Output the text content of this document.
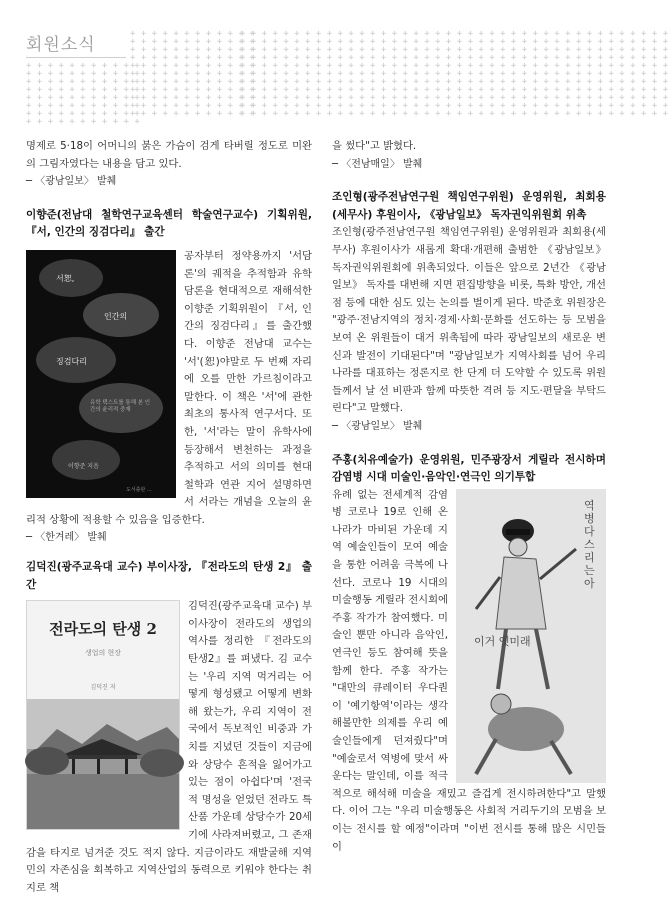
회원소식
+ + + + + + + + + + + +
+ + + + + + + + + + + +
+ + + + + + + + + + + +
+ + + + + + + + + + + +
+ + + + + + + + + + + +
+ + + + + + + + + + + +
+ + + + + + + + + + + +
+ + + + + + + + + + + +
+ + + + + + + + + + + +
+ + + + + + + + + + + +
+ + + + + + + + + + + +

+ + + + + + + + + + + + + + + + + + + + + + + + + + + + + + + + + + + + + + + +
+ + + + + + + + + + + + + + + + + + + + + + + + + + + + + + + + + + + + + + + +
+ + + + + + + + + + + + + + + + + + + + + + + + + + + + + + + + + + + + + + + +
+ + + + + + + + + + + + + + + + + + + + + + + + + + + + + + + + + + + + + + + +
+ + + + + + + + + + + + + + + + + + + + + + + + + + + + + + + + + + + + + + + +
+ + + + + + + + + + + + + + + + + + + + + + + + + + + + + + + + + + + + + + + +
+ + + + + + + + + + + + + + + + + + + + + + + + + + + + + + + + + + + + + + + +
+ + + + + + + + + + + + + + + + + + + + + + + + + + + + + + + + + + + + + + + +
+ + + + + + + + + + + + + + + + + + + + + + + + + + + + + + + + + + + + + + + +
+ + + + + + + + + + + + + + + + + + + + + + + + + + + + + + + + + + + + + + + +
+ + + + + + + + + + + + + + + + + + + + + + + + + + + + + + + + + + + + + + + +

+ + + + + + + + + + +
+ + + + + + + + + + +
+ + + + + + + + + + +
+ + + + + + + + + + +
+ + + + + + + + + + +
+ + + + + + + + + + +
+ + + + + + + + + + +
+ + + + + + + + + + +

명제로 5·18이 어머니의 붉은 가슴이 검게 타버릴 정도로 미완의 그림자였다는 내용을 담고 있다.

─ 〈광남일보〉 발췌

이향준(전남대 철학연구교육센터 학술연구교수) 기획위원, 『서, 인간의 징검다리』 출간

서恕,
인간의
징검다리
유학 텍스트를 통해 본 인간의 윤리적 중재
이향준 지음
도서출판 ...

공자부터 정약용까지 '서담론'의 궤적을 추적함과 유학 담론을 현대적으로 재해석한 이향준 기획위원이 『서, 인간의 징검다리』를 출간했다. 이향준 전남대 교수는 '서'(恕)야말로 두 번째 자리에 오를 만한 가르침이라고 말한다. 이 책은 '서'에 관한 최초의 통사적 연구서다. 또한, '서'라는 말이 유학사에 등장해서 변천하는 과정을 추적하고 서의 의미를 현대 철학과 연관 지어 설명하면서 서라는 개념을 오늘의 윤리적 상황에 적용할 수 있음을 입증한다.

─ 〈한겨레〉 발췌

김덕진(광주교육대 교수) 부이사장, 『전라도의 탄생 2』 출간

전라도의 탄생 2
생업의 현장
김덕진 저

김덕진(광주교육대 교수) 부이사장이 전라도의 생업의 역사를 정리한 『전라도의 탄생2』를 펴냈다. 김 교수는 '우리 지역 먹거리는 어떻게 형성됐고 어떻게 변화해 왔는가, 우리 지역이 전국에서 독보적인 비중과 가치를 지녔던 것들이 지금에 와 상당수 흔적을 잃어가고 있는 점이 아쉽다'며 '전국적 명성을 얻었던 전라도 특산품 가운데 상당수가 20세기에 사라져버렸고, 그 존재감을 타지로 넘겨준 것도 적지 않다. 지금이라도 재발굴해 지역민의 자존심을 회복하고 지역산업의 동력으로 키워야 한다는 취지로 책

을 썼다"고 밝혔다.

─ 〈전남매일〉 발췌

조인형(광주전남연구원 책임연구위원) 운영위원, 최회용(세무사) 후원이사, 《광남일보》 독자권익위원회 위촉

조인형(광주전남연구원 책임연구위원) 운영위원과 최회용(세무사) 후원이사가 새롭게 확대·개편해 출범한 《광남일보》 독자권익위원회에 위촉되었다. 이들은 앞으로 2년간 《광남일보》 독자를 대변해 지면 편집방향을 비롯, 특화 방안, 개선점 등에 대한 심도 있는 논의를 벌이게 된다. 박준호 위원장은 "광주·전남지역의 정치·경제·사회·문화를 선도하는 등 모범을 보여 온 위원들이 대거 위촉됨에 따라 광남일보의 새로운 변신과 발전이 기대된다"며 "광남일보가 지역사회를 넘어 우리나라를 대표하는 정론지로 한 단계 더 도약할 수 있도록 위원들께서 날 선 비판과 함께 따뜻한 격려 등 지도·편달을 부탁드린다"고 말했다.

─ 〈광남일보〉 발췌

주홍(치유예술가) 운영위원, 민주광장서 게릴라 전시하며 감염병 시대 미술인·음악인·연극인 의기투합

역병 다스리 는 아
이거 옛미래

유례 없는 전세계적 감염병 코로나 19로 인해 온 나라가 마비된 가운데 지역 예술인들이 모여 예술을 통한 어려움 극복에 나선다. 코로나 19 시대의 미술행동 게릴라 전시회에 주홍 작가가 참여했다. 미술인 뿐만 아니라 음악인, 연극인 등도 참여해 뜻을 함께 한다. 주홍 작가는 "대만의 큐레이터 우다퀀이 '예기항역'이라는 생각해볼만한 의제를 우리 예술인들에게 던져줬다"며 "예술로서 역병에 맞서 싸운다는 말인데, 이를 적극적으로 해석해 미술을 재밌고 즐겁게 전시하려한다"고 말했다. 이어 그는 "우리 미술행동은 사회적 거리두기의 모범을 보이는 전시를 할 예정"이라며 "이번 전시를 통해 많은 시민들이
